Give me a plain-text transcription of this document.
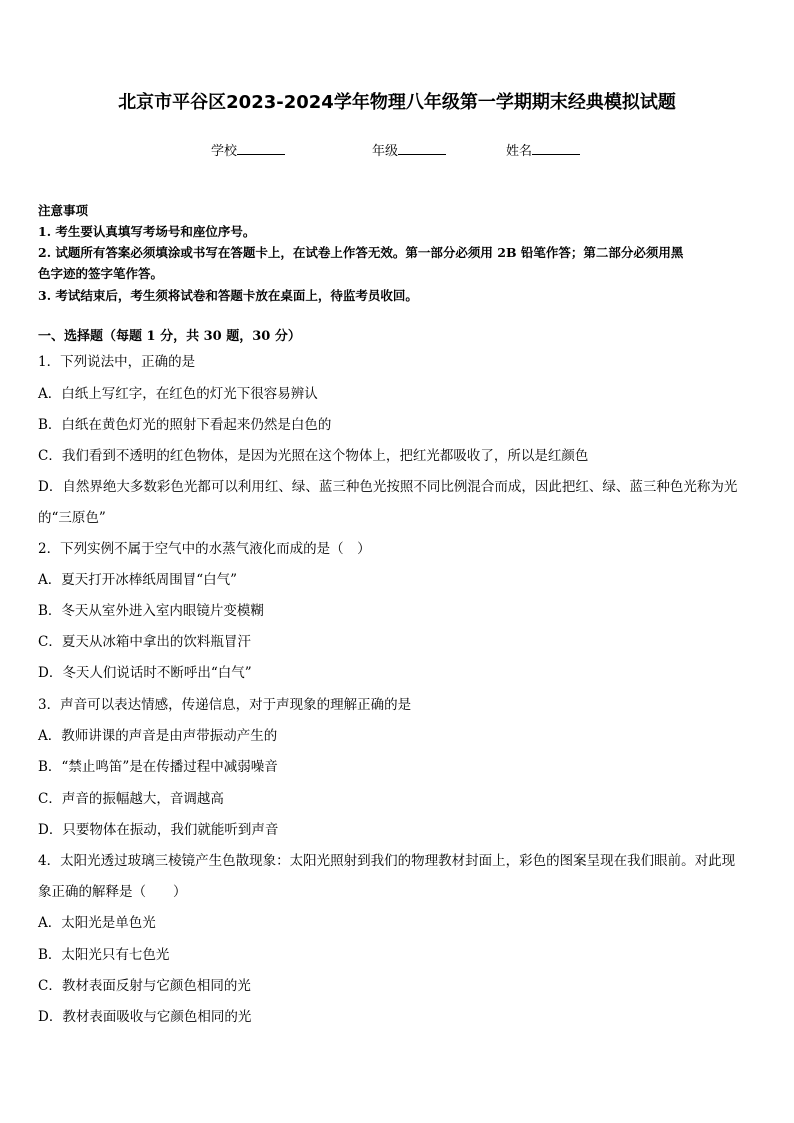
北京市平谷区2023-2024学年物理八年级第一学期期末经典模拟试题
学校	年级	姓名
注意事项
1. 考生要认真填写考场号和座位序号。
2. 试题所有答案必须填涂或书写在答题卡上，在试卷上作答无效。第一部分必须用 2B 铅笔作答；第二部分必须用黑
色字迹的签字笔作答。
3. 考试结束后，考生须将试卷和答题卡放在桌面上，待监考员收回。
一、选择题（每题 1 分，共 30 题，30 分）
1．下列说法中，正确的是
A．白纸上写红字，在红色的灯光下很容易辨认
B．白纸在黄色灯光的照射下看起来仍然是白色的
C．我们看到不透明的红色物体，是因为光照在这个物体上，把红光都吸收了，所以是红颜色
D．自然界绝大多数彩色光都可以利用红、绿、蓝三种色光按照不同比例混合而成，因此把红、绿、蓝三种色光称为光
的“三原色”
2．下列实例不属于空气中的水蒸气液化而成的是（　）
A．夏天打开冰棒纸周围冒“白气”
B．冬天从室外进入室内眼镜片变模糊
C．夏天从冰箱中拿出的饮料瓶冒汗
D．冬天人们说话时不断呼出“白气”
3．声音可以表达情感，传递信息，对于声现象的理解正确的是
A．教师讲课的声音是由声带振动产生的
B．“禁止鸣笛”是在传播过程中减弱噪音
C．声音的振幅越大，音调越高
D．只要物体在振动，我们就能听到声音
4．太阳光透过玻璃三棱镜产生色散现象：太阳光照射到我们的物理教材封面上，彩色的图案呈现在我们眼前。对此现
象正确的解释是（　　）
A．太阳光是单色光
B．太阳光只有七色光
C．教材表面反射与它颜色相同的光
D．教材表面吸收与它颜色相同的光
